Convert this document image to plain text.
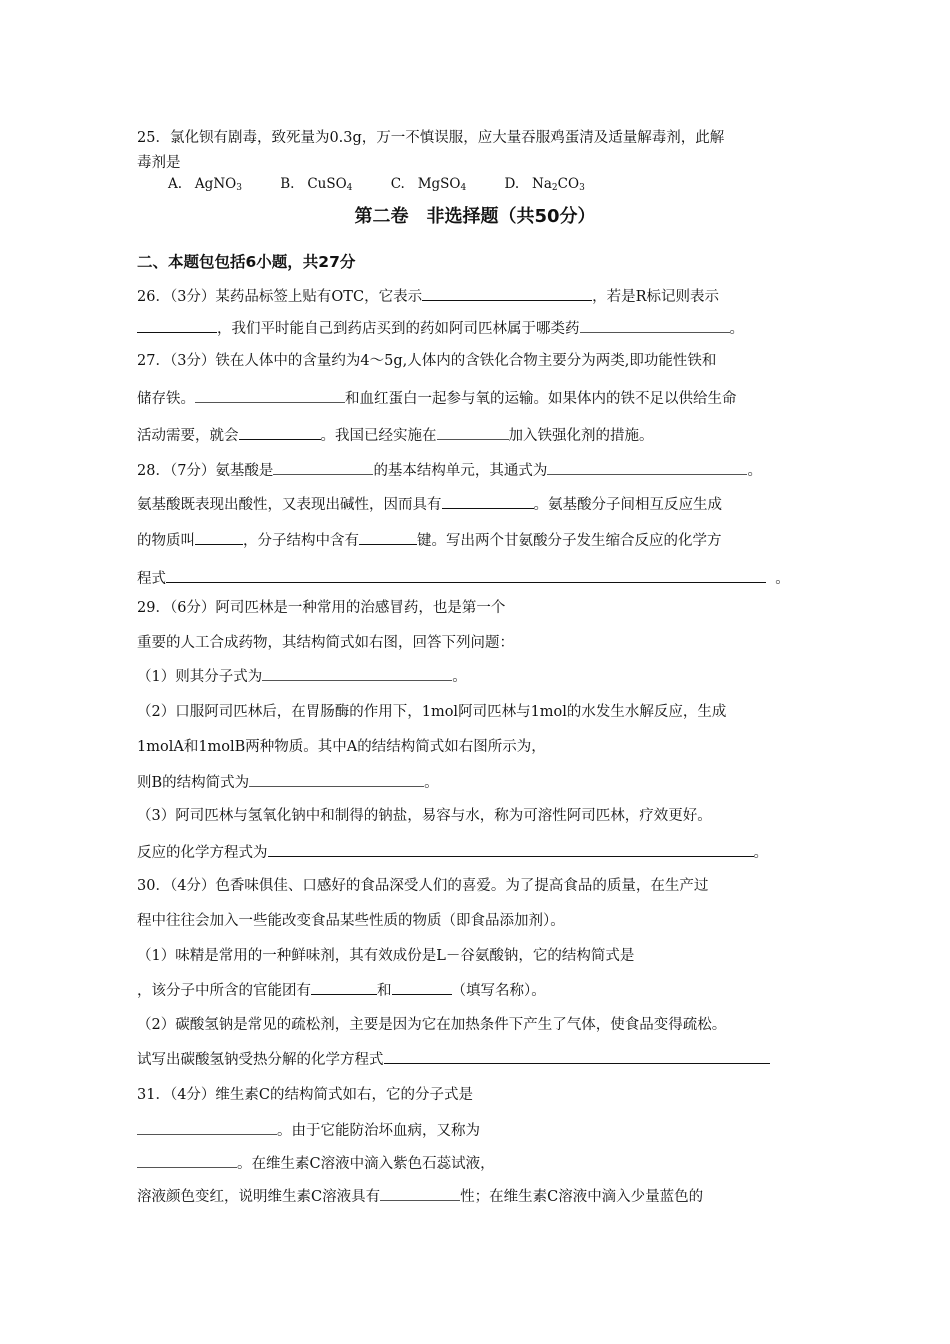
25．氯化钡有剧毒，致死量为0.3g，万一不慎误服，应大量吞服鸡蛋清及适量解毒剂，此解
毒剂是
A. AgNO$_3$	B. CuSO$_4$	C. MgSO$_4$	D. $Na_2CO_3$
第二卷　非选择题（共50分）
二、本题包包括6小题，共27分
26．（3分）某药品标签上贴有OTC，它表示	，若是R标记则表示
，我们平时能自己到药店买到的药如阿司匹林属于哪类药	。
27．（3分）铁在人体中的含量约为4～5g,人体内的含铁化合物主要分为两类,即功能性铁和
储存铁。	和血红蛋白一起参与氧的运输。如果体内的铁不足以供给生命
活动需要，就会	。我国已经实施在	加入铁强化剂的措施。
28．（7分）氨基酸是	的基本结构单元，其通式为	。
氨基酸既表现出酸性，又表现出碱性，因而具有	。氨基酸分子间相互反应生成
的物质叫	，分子结构中含有	键。写出两个甘氨酸分子发生缩合反应的化学方
程式	。
29．（6分）阿司匹林是一种常用的治感冒药，也是第一个
重要的人工合成药物，其结构简式如右图，回答下列问题：
（1）则其分子式为	。
（2）口服阿司匹林后，在胃肠酶的作用下，1mol阿司匹林与1mol的水发生水解反应，生成
1molA和1molB两种物质。其中A的结结构简式如右图所示为，
则B的结构简式为	。
（3）阿司匹林与氢氧化钠中和制得的钠盐，易容与水，称为可溶性阿司匹林，疗效更好。
反应的化学方程式为	。
30．（4分）色香味俱佳、口感好的食品深受人们的喜爱。为了提高食品的质量，在生产过
程中往往会加入一些能改变食品某些性质的物质（即食品添加剂）。
（1）味精是常用的一种鲜味剂，其有效成份是L－谷氨酸钠，它的结构简式是
，该分子中所含的官能团有	和	（填写名称）。
（2）碳酸氢钠是常见的疏松剂，主要是因为它在加热条件下产生了气体，使食品变得疏松。
试写出碳酸氢钠受热分解的化学方程式
31．（4分）维生素C的结构简式如右，它的分子式是
。由于它能防治坏血病，又称为
。在维生素C溶液中滴入紫色石蕊试液，
溶液颜色变红，说明维生素C溶液具有	性；在维生素C溶液中滴入少量蓝色的
